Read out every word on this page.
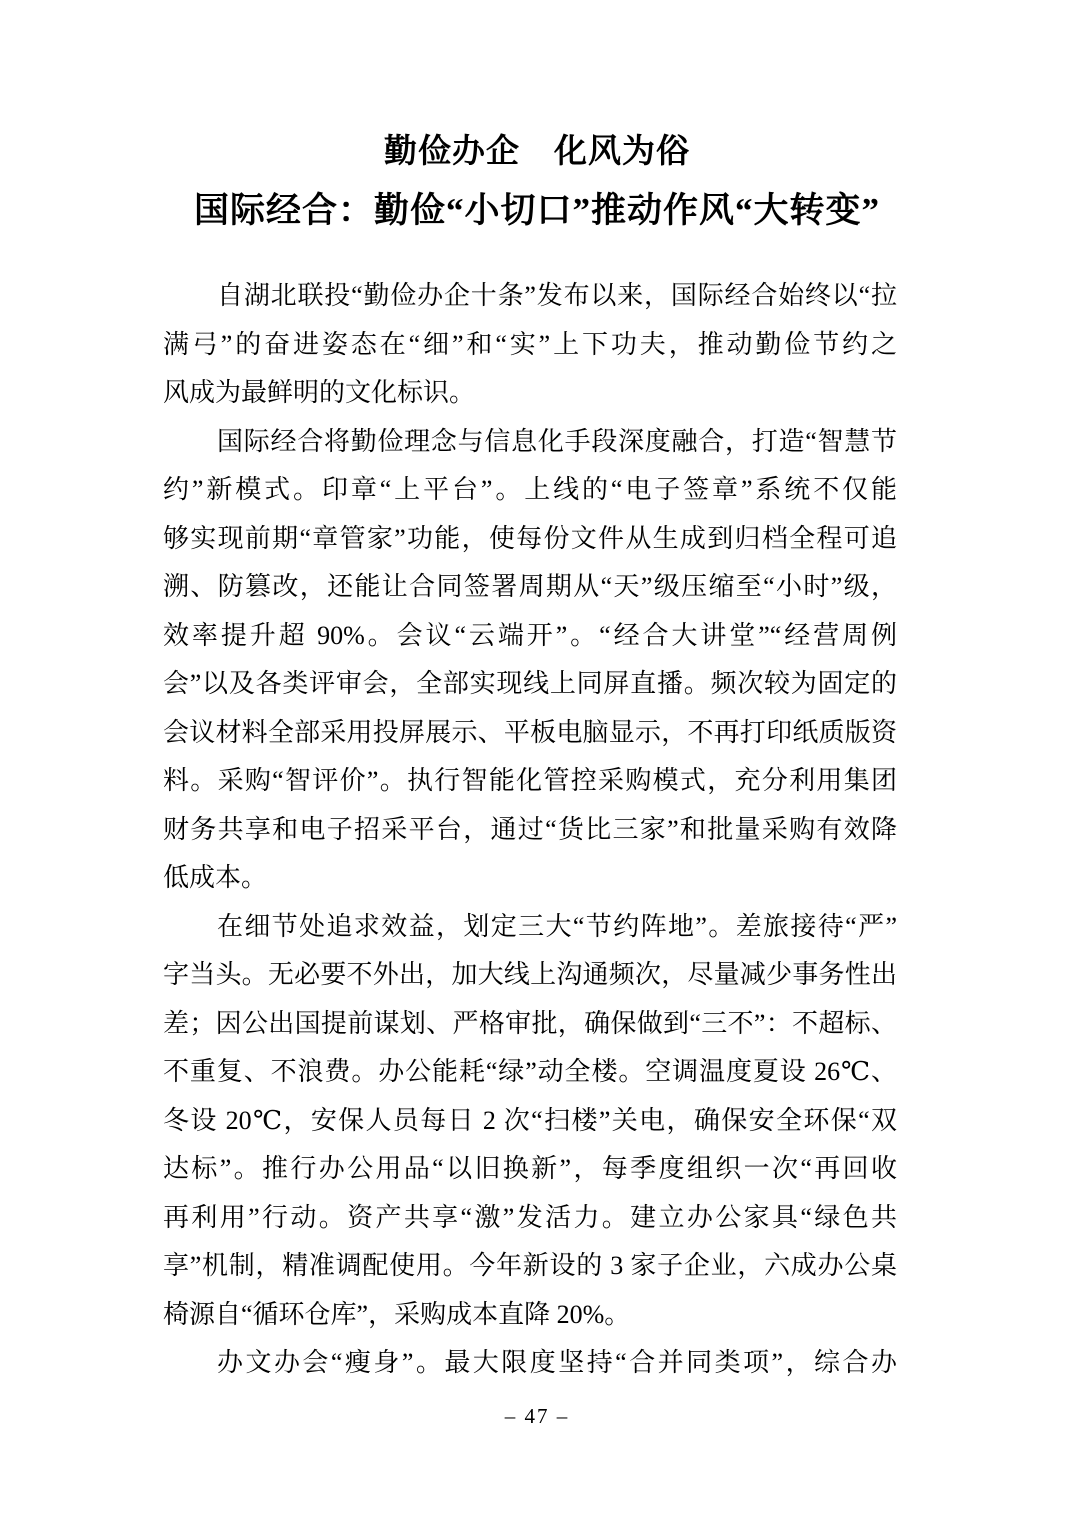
勤俭办企　化风为俗
国际经合：勤俭“小切口”推动作风“大转变”
自湖北联投“勤俭办企十条”发布以来，国际经合始终以“拉
满弓”的奋进姿态在“细”和“实”上下功夫，推动勤俭节约之
风成为最鲜明的文化标识。
国际经合将勤俭理念与信息化手段深度融合，打造“智慧节
约”新模式。印章“上平台”。上线的“电子签章”系统不仅能
够实现前期“章管家”功能，使每份文件从生成到归档全程可追
溯、防篡改，还能让合同签署周期从“天”级压缩至“小时”级，
效率提升超 90%。会议“云端开”。“经合大讲堂”“经营周例
会”以及各类评审会，全部实现线上同屏直播。频次较为固定的
会议材料全部采用投屏展示、平板电脑显示，不再打印纸质版资
料。采购“智评价”。执行智能化管控采购模式，充分利用集团
财务共享和电子招采平台，通过“货比三家”和批量采购有效降
低成本。
在细节处追求效益，划定三大“节约阵地”。差旅接待“严”
字当头。无必要不外出，加大线上沟通频次，尽量减少事务性出
差；因公出国提前谋划、严格审批，确保做到“三不”：不超标、
不重复、不浪费。办公能耗“绿”动全楼。空调温度夏设 26℃、
冬设 20℃，安保人员每日 2 次“扫楼”关电，确保安全环保“双
达标”。推行办公用品“以旧换新”，每季度组织一次“再回收
再利用”行动。资产共享“激”发活力。建立办公家具“绿色共
享”机制，精准调配使用。今年新设的 3 家子企业，六成办公桌
椅源自“循环仓库”，采购成本直降 20%。
办文办会“瘦身”。最大限度坚持“合并同类项”，综合办
– 47 –
